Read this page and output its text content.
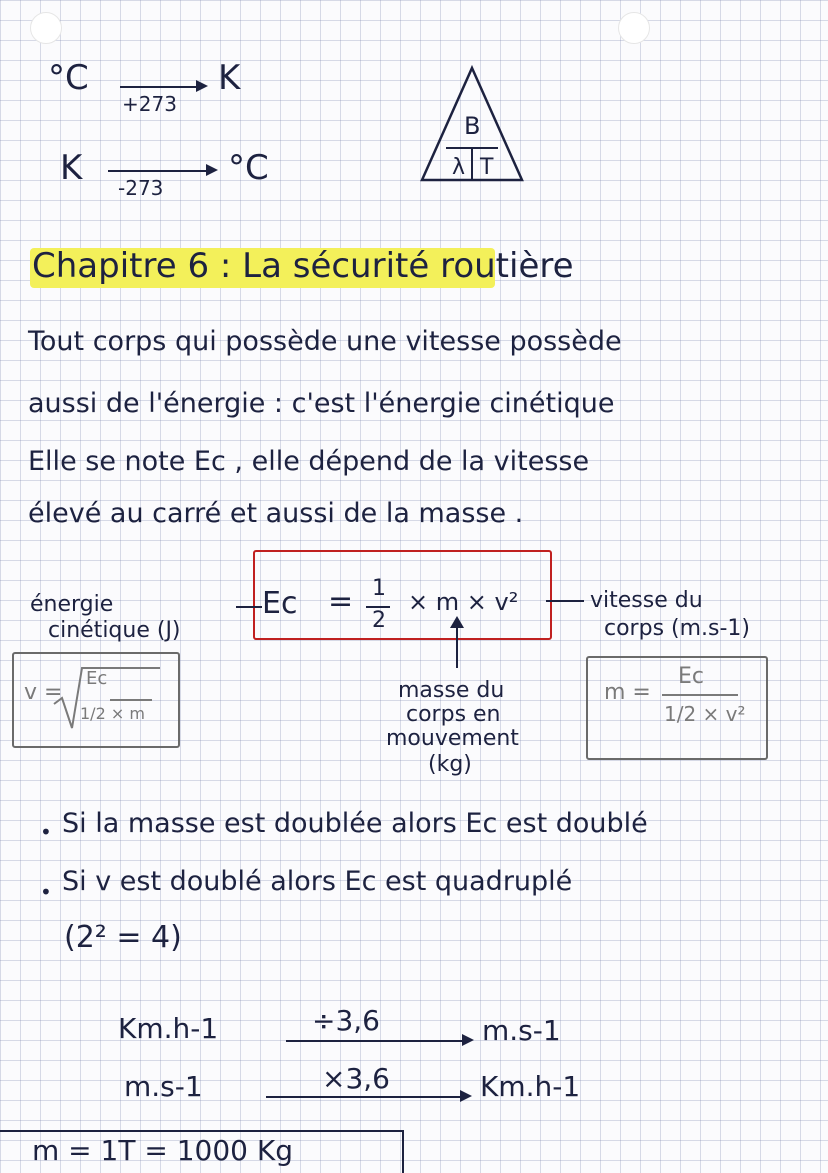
°C	K
+273
K	°C
-273
B
λ T
Chapitre 6 : La sécurité routière
Tout corps qui possède une vitesse possède
aussi de l'énergie : c'est l'énergie cinétique
Elle se note Ec , elle dépend de la vitesse
élevé au carré et aussi de la masse .
Ec = 1
2
× m × v²
énergie
cinétique (J)
vitesse du
corps (m.s-1)
masse du
corps en
mouvement
(kg)
v =
Ec
1/2 × m
m =
Ec
1/2 × v²
• Si la masse est doublée alors Ec est doublé
• Si v est doublé alors Ec est quadruplé
(2² = 4)
Km.h-1	÷3,6	m.s-1
m.s-1	×3,6	Km.h-1
m = 1T = 1000 Kg
